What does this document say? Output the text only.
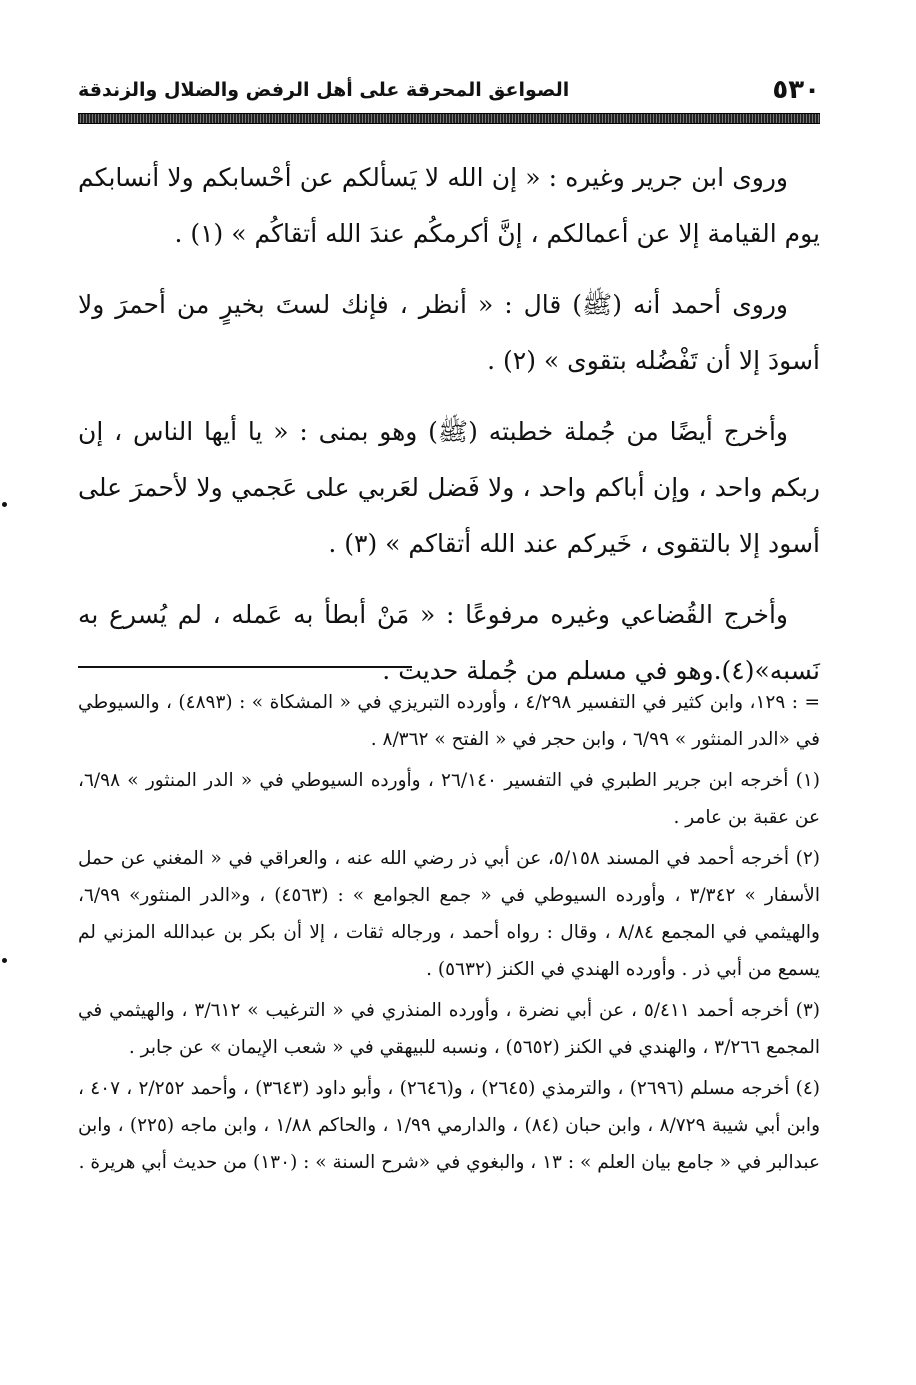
٥٣٠
الصواعق المحرقة على أهل الرفض والضلال والزندقة

وروى ابن جرير وغيره : « إن الله لا يَسألكم عن أحْسابكم ولا أنسابكم يوم القيامة إلا عن أعمالكم ، إنَّ أكرمكُم عندَ الله أتقاكُم » (١) .

وروى أحمد أنه (ﷺ) قال : « أنظر ، فإنك لستَ بخيرٍ من أحمرَ ولا أسودَ إلا أن تَفْضُله بتقوى » (٢) .

وأخرج أيضًا من جُملة خطبته (ﷺ) وهو بمنى : « يا أيها الناس ، إن ربكم واحد ، وإن أباكم واحد ، ولا فَضل لعَربي على عَجمي ولا لأحمرَ على أسود إلا بالتقوى ، خَيركم عند الله أتقاكم » (٣) .

وأخرج القُضاعي وغيره مرفوعًا : « مَنْ أبطأ به عَمله ، لم يُسرع به نَسبه»(٤).وهو في مسلم من جُملة حديث .

= : ١٢٩، وابن كثير في التفسير ٤/٢٩٨ ، وأورده التبريزي في « المشكاة » : (٤٨٩٣) ، والسيوطي في «الدر المنثور » ٦/٩٩ ، وابن حجر في « الفتح » ٨/٣٦٢ .

(١) أخرجه ابن جرير الطبري في التفسير ٢٦/١٤٠ ، وأورده السيوطي في « الدر المنثور » ٦/٩٨، عن عقبة بن عامر .

(٢) أخرجه أحمد في المسند ٥/١٥٨، عن أبي ذر رضي الله عنه ، والعراقي في « المغني عن حمل الأسفار » ٣/٣٤٢ ، وأورده السيوطي في « جمع الجوامع » : (٤٥٦٣) ، و«الدر المنثور» ٦/٩٩، والهيثمي في المجمع ٨/٨٤ ، وقال : رواه أحمد ، ورجاله ثقات ، إلا أن بكر بن عبدالله المزني لم يسمع من أبي ذر . وأورده الهندي في الكنز (٥٦٣٢) .

(٣) أخرجه أحمد ٥/٤١١ ، عن أبي نضرة ، وأورده المنذري في « الترغيب » ٣/٦١٢ ، والهيثمي في المجمع ٣/٢٦٦ ، والهندي في الكنز (٥٦٥٢) ، ونسبه للبيهقي في « شعب الإيمان » عن جابر .

(٤) أخرجه مسلم (٢٦٩٦) ، والترمذي (٢٦٤٥) ، و(٢٦٤٦) ، وأبو داود (٣٦٤٣) ، وأحمد ٢/٢٥٢ ، ٤٠٧ ، وابن أبي شيبة ٨/٧٢٩ ، وابن حبان (٨٤) ، والدارمي ١/٩٩ ، والحاكم ١/٨٨ ، وابن ماجه (٢٢٥) ، وابن عبدالبر في « جامع بيان العلم » : ١٣ ، والبغوي في «شرح السنة » : (١٣٠) من حديث أبي هريرة .
